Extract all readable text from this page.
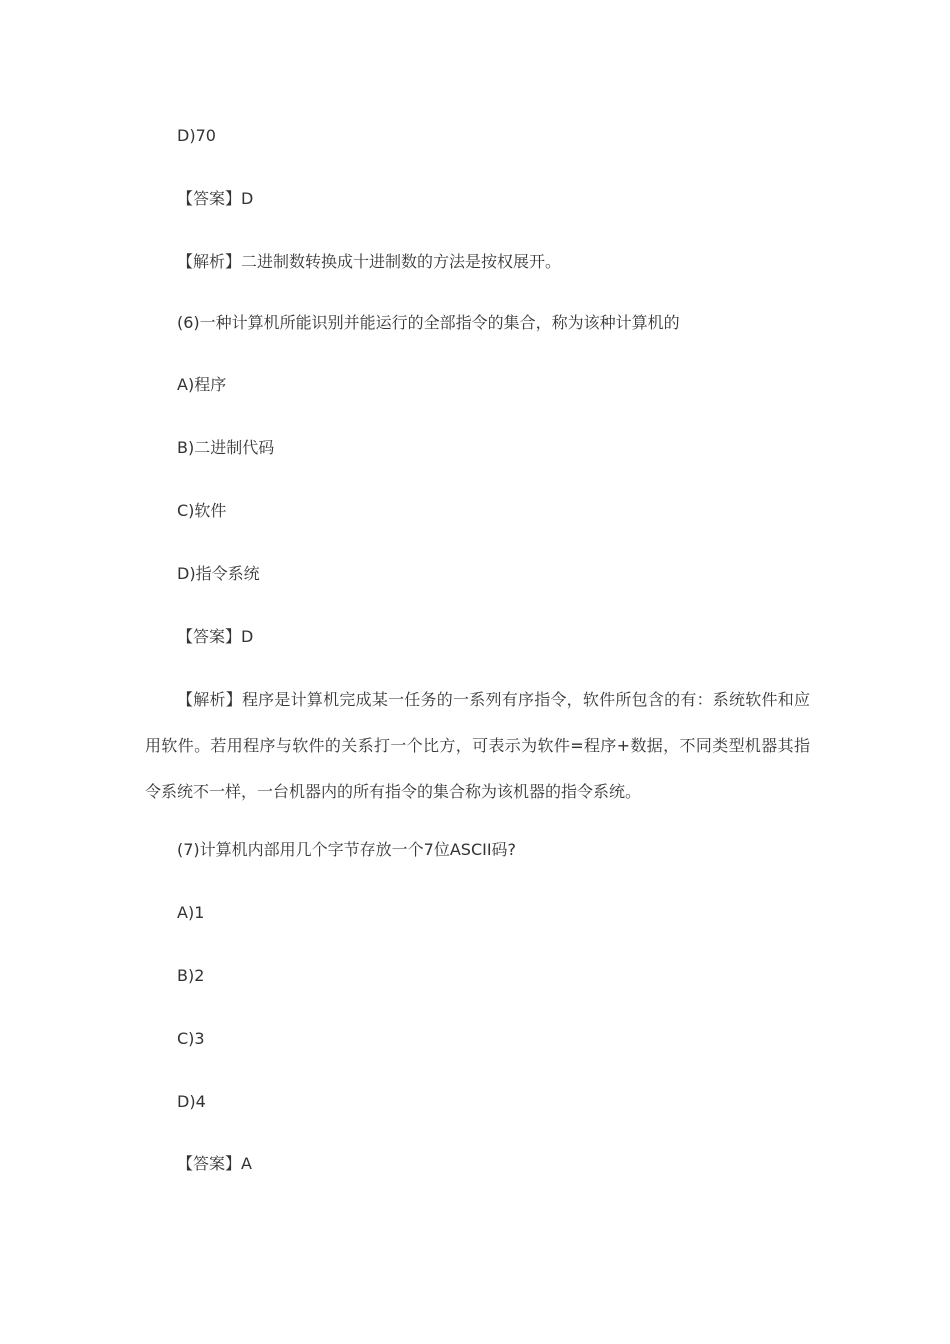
D)70

【答案】D

【解析】二进制数转换成十进制数的方法是按权展开。

(6)一种计算机所能识别并能运行的全部指令的集合，称为该种计算机的

A)程序

B)二进制代码

C)软件

D)指令系统

【答案】D

【解析】程序是计算机完成某一任务的一系列有序指令，软件所包含的有：系统软件和应用软件。若用程序与软件的关系打一个比方，可表示为软件=程序+数据，不同类型机器其指令系统不一样，一台机器内的所有指令的集合称为该机器的指令系统。

(7)计算机内部用几个字节存放一个7位ASCII码?

A)1

B)2

C)3

D)4

【答案】A
